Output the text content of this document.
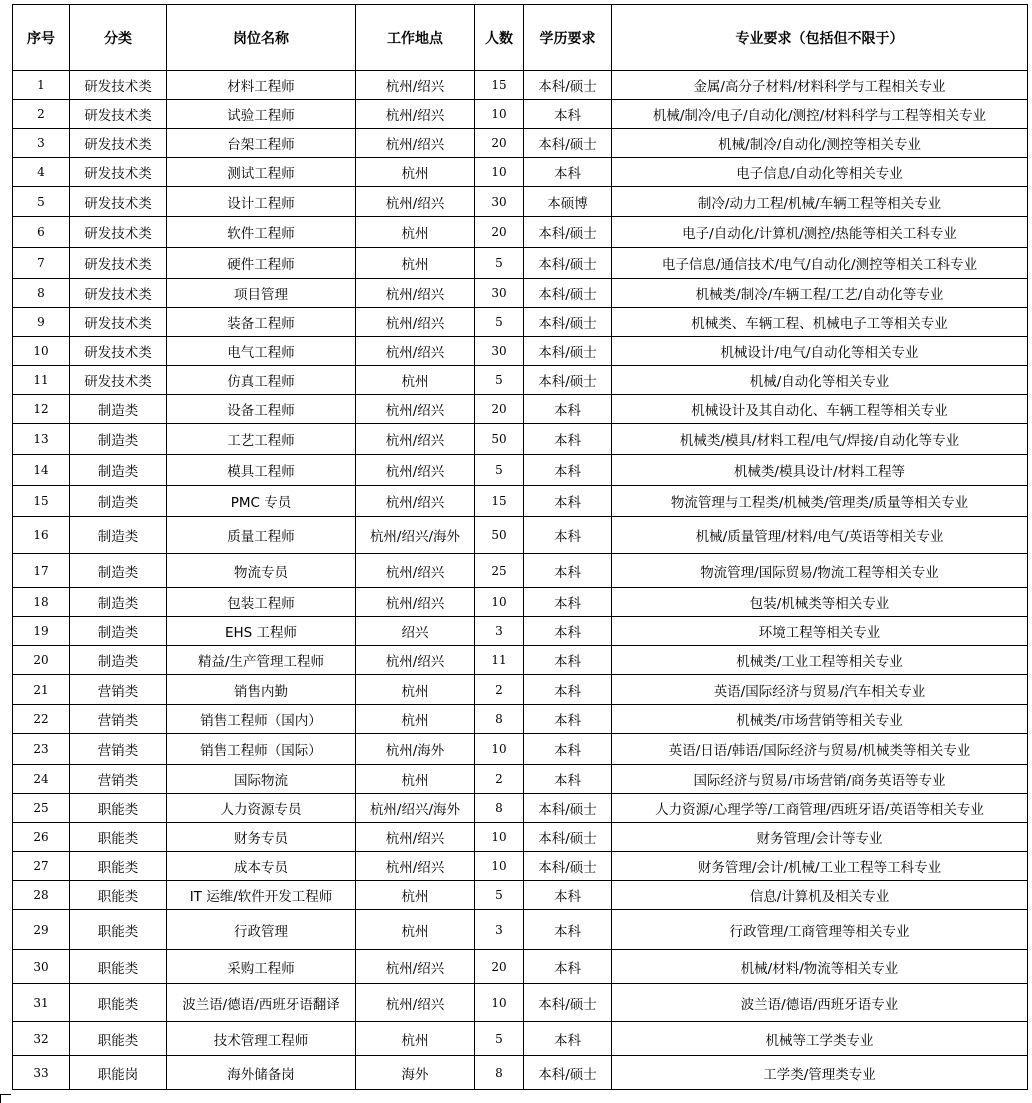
序号	分类	岗位名称	工作地点	人数	学历要求	专业要求（包括但不限于）
1	研发技术类	材料工程师	杭州/绍兴	15	本科/硕士	金属/高分子材料/材料科学与工程相关专业
2	研发技术类	试验工程师	杭州/绍兴	10	本科	机械/制冷/电子/自动化/测控/材料科学与工程等相关专业
3	研发技术类	台架工程师	杭州/绍兴	20	本科/硕士	机械/制冷/自动化/测控等相关专业
4	研发技术类	测试工程师	杭州	10	本科	电子信息/自动化等相关专业
5	研发技术类	设计工程师	杭州/绍兴	30	本硕博	制冷/动力工程/机械/车辆工程等相关专业
6	研发技术类	软件工程师	杭州	20	本科/硕士	电子/自动化/计算机/测控/热能等相关工科专业
7	研发技术类	硬件工程师	杭州	5	本科/硕士	电子信息/通信技术/电气/自动化/测控等相关工科专业
8	研发技术类	项目管理	杭州/绍兴	30	本科/硕士	机械类/制冷/车辆工程/工艺/自动化等专业
9	研发技术类	装备工程师	杭州/绍兴	5	本科/硕士	机械类、车辆工程、机械电子工等相关专业
10	研发技术类	电气工程师	杭州/绍兴	30	本科/硕士	机械设计/电气/自动化等相关专业
11	研发技术类	仿真工程师	杭州	5	本科/硕士	机械/自动化等相关专业
12	制造类	设备工程师	杭州/绍兴	20	本科	机械设计及其自动化、车辆工程等相关专业
13	制造类	工艺工程师	杭州/绍兴	50	本科	机械类/模具/材料工程/电气/焊接/自动化等专业
14	制造类	模具工程师	杭州/绍兴	5	本科	机械类/模具设计/材料工程等
15	制造类	PMC 专员	杭州/绍兴	15	本科	物流管理与工程类/机械类/管理类/质量等相关专业
16	制造类	质量工程师	杭州/绍兴/海外	50	本科	机械/质量管理/材料/电气/英语等相关专业
17	制造类	物流专员	杭州/绍兴	25	本科	物流管理/国际贸易/物流工程等相关专业
18	制造类	包装工程师	杭州/绍兴	10	本科	包装/机械类等相关专业
19	制造类	EHS 工程师	绍兴	3	本科	环境工程等相关专业
20	制造类	精益/生产管理工程师	杭州/绍兴	11	本科	机械类/工业工程等相关专业
21	营销类	销售内勤	杭州	2	本科	英语/国际经济与贸易/汽车相关专业
22	营销类	销售工程师（国内）	杭州	8	本科	机械类/市场营销等相关专业
23	营销类	销售工程师（国际）	杭州/海外	10	本科	英语/日语/韩语/国际经济与贸易/机械类等相关专业
24	营销类	国际物流	杭州	2	本科	国际经济与贸易/市场营销/商务英语等专业
25	职能类	人力资源专员	杭州/绍兴/海外	8	本科/硕士	人力资源/心理学等/工商管理/西班牙语/英语等相关专业
26	职能类	财务专员	杭州/绍兴	10	本科/硕士	财务管理/会计等专业
27	职能类	成本专员	杭州/绍兴	10	本科/硕士	财务管理/会计/机械/工业工程等工科专业
28	职能类	IT 运维/软件开发工程师	杭州	5	本科	信息/计算机及相关专业
29	职能类	行政管理	杭州	3	本科	行政管理/工商管理等相关专业
30	职能类	采购工程师	杭州/绍兴	20	本科	机械/材料/物流等相关专业
31	职能类	波兰语/德语/西班牙语翻译	杭州/绍兴	10	本科/硕士	波兰语/德语/西班牙语专业
32	职能类	技术管理工程师	杭州	5	本科	机械等工学类专业
33	职能岗	海外储备岗	海外	8	本科/硕士	工学类/管理类专业
